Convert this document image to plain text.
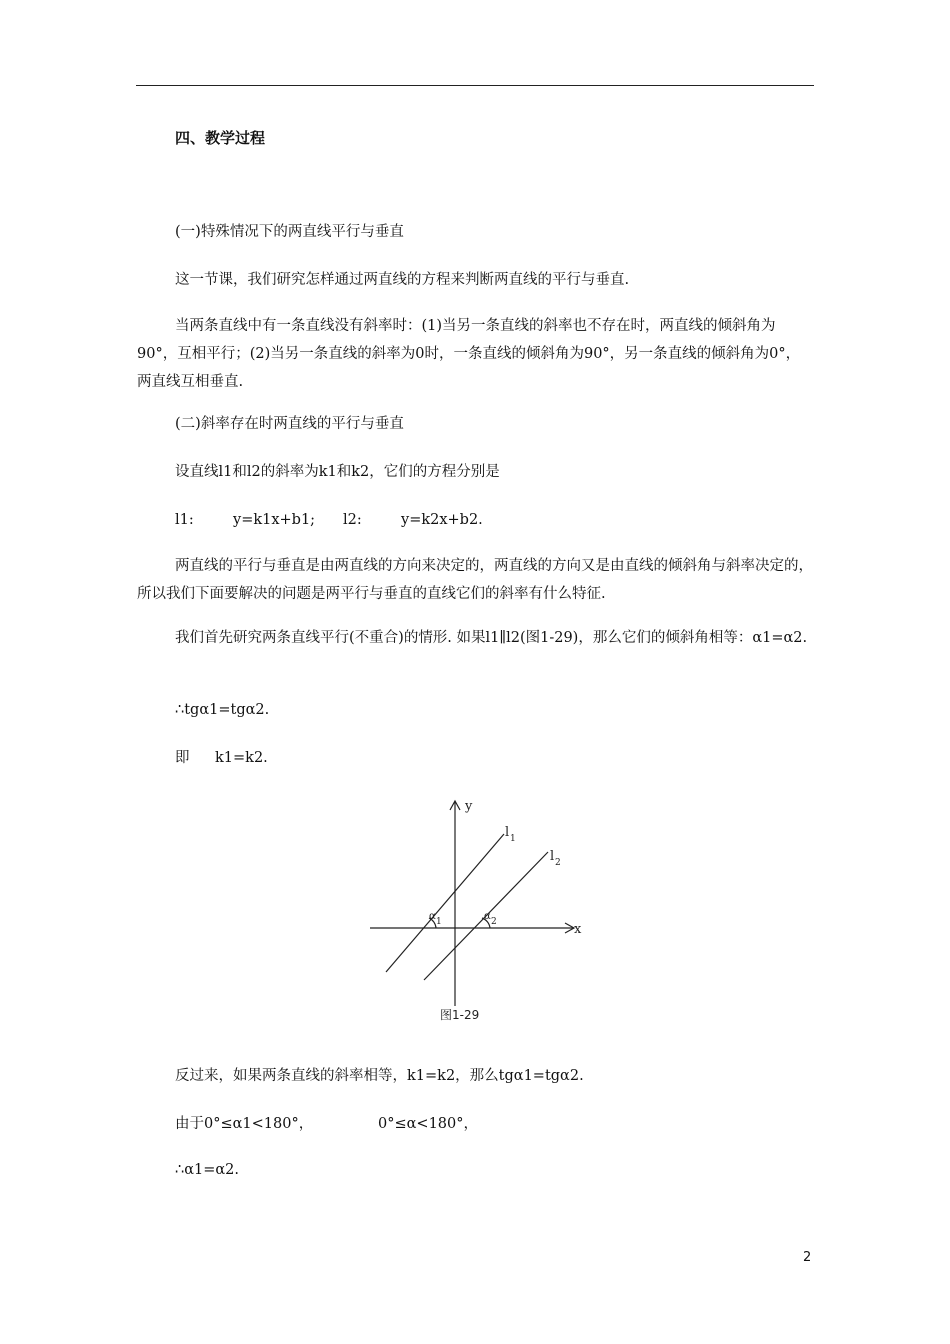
四、教学过程
(一)特殊情况下的两直线平行与垂直
这一节课，我们研究怎样通过两直线的方程来判断两直线的平行与垂直.
当两条直线中有一条直线没有斜率时：(1)当另一条直线的斜率也不存在时，两直线的倾斜角为90°，互相平行；(2)当另一条直线的斜率为0时，一条直线的倾斜角为90°，另一条直线的倾斜角为0°，两直线互相垂直.
(二)斜率存在时两直线的平行与垂直
设直线l1和l2的斜率为k1和k2，它们的方程分别是
l1:	y=k1x+b1; l2:	y=k2x+b2.
两直线的平行与垂直是由两直线的方向来决定的，两直线的方向又是由直线的倾斜角与斜率决定的，所以我们下面要解决的问题是两平行与垂直的直线它们的斜率有什么特征.
我们首先研究两条直线平行(不重合)的情形. 如果l1∥l2(图1-29)，那么它们的倾斜角相等：α1=α2.
∴tgα1=tgα2.
即 k1=k2.
y
x
l 1
l 2
α 1	α 2
图1-29
反过来，如果两条直线的斜率相等，k1=k2，那么tgα1=tgα2.
由于0°≤α1<180°，	0°≤α<180°，
∴α1=α2.
2
